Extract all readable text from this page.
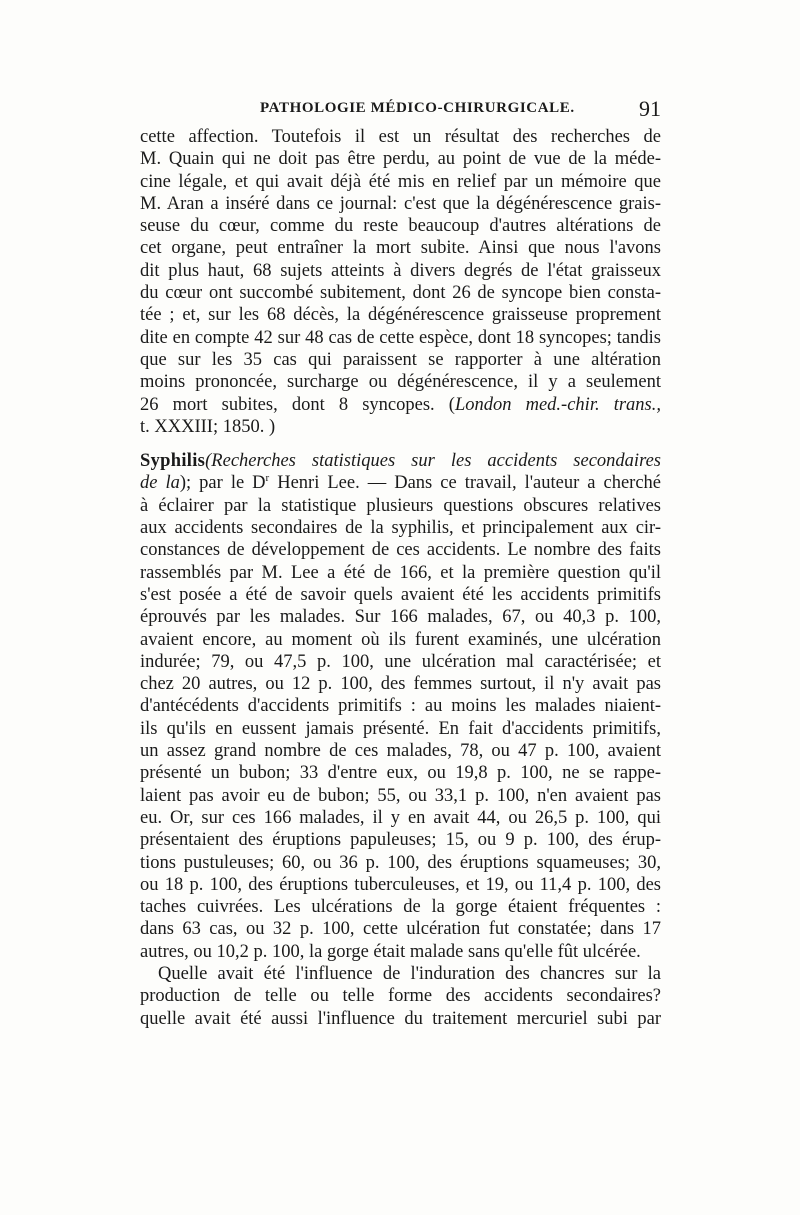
PATHOLOGIE MÉDICO-CHIRURGICALE.	91
cette affection. Toutefois il est un résultat des recherches de
M. Quain qui ne doit pas être perdu, au point de vue de la méde-
cine légale, et qui avait déjà été mis en relief par un mémoire que
M. Aran a inséré dans ce journal: c'est que la dégénérescence grais-
seuse du cœur, comme du reste beaucoup d'autres altérations de
cet organe, peut entraîner la mort subite. Ainsi que nous l'avons
dit plus haut, 68 sujets atteints à divers degrés de l'état graisseux
du cœur ont succombé subitement, dont 26 de syncope bien consta-
tée ; et, sur les 68 décès, la dégénérescence graisseuse proprement
dite en compte 42 sur 48 cas de cette espèce, dont 18 syncopes; tandis
que sur les 35 cas qui paraissent se rapporter à une altération
moins prononcée, surcharge ou dégénérescence, il y a seulement
26 mort subites, dont 8 syncopes. (London med.-chir. trans.,
t. XXXIII; 1850. )
Syphilis(Recherches statistiques sur les accidents secondaires
de la); par le $D^r$ Henri Lee. — Dans ce travail, l'auteur a cherché
à éclairer par la statistique plusieurs questions obscures relatives
aux accidents secondaires de la syphilis, et principalement aux cir-
constances de développement de ces accidents. Le nombre des faits
rassemblés par M. Lee a été de 166, et la première question qu'il
s'est posée a été de savoir quels avaient été les accidents primitifs
éprouvés par les malades. Sur 166 malades, 67, ou 40,3 p. 100,
avaient encore, au moment où ils furent examinés, une ulcération
indurée; 79, ou 47,5 p. 100, une ulcération mal caractérisée; et
chez 20 autres, ou 12 p. 100, des femmes surtout, il n'y avait pas
d'antécédents d'accidents primitifs : au moins les malades niaient-
ils qu'ils en eussent jamais présenté. En fait d'accidents primitifs,
un assez grand nombre de ces malades, 78, ou 47 p. 100, avaient
présenté un bubon; 33 d'entre eux, ou 19,8 p. 100, ne se rappe-
laient pas avoir eu de bubon; 55, ou 33,1 p. 100, n'en avaient pas
eu. Or, sur ces 166 malades, il y en avait 44, ou 26,5 p. 100, qui
présentaient des éruptions papuleuses; 15, ou 9 p. 100, des érup-
tions pustuleuses; 60, ou 36 p. 100, des éruptions squameuses; 30,
ou 18 p. 100, des éruptions tuberculeuses, et 19, ou 11,4 p. 100, des
taches cuivrées. Les ulcérations de la gorge étaient fréquentes :
dans 63 cas, ou 32 p. 100, cette ulcération fut constatée; dans 17
autres, ou 10,2 p. 100, la gorge était malade sans qu'elle fût ulcérée.
Quelle avait été l'influence de l'induration des chancres sur la
production de telle ou telle forme des accidents secondaires?
quelle avait été aussi l'influence du traitement mercuriel subi par
